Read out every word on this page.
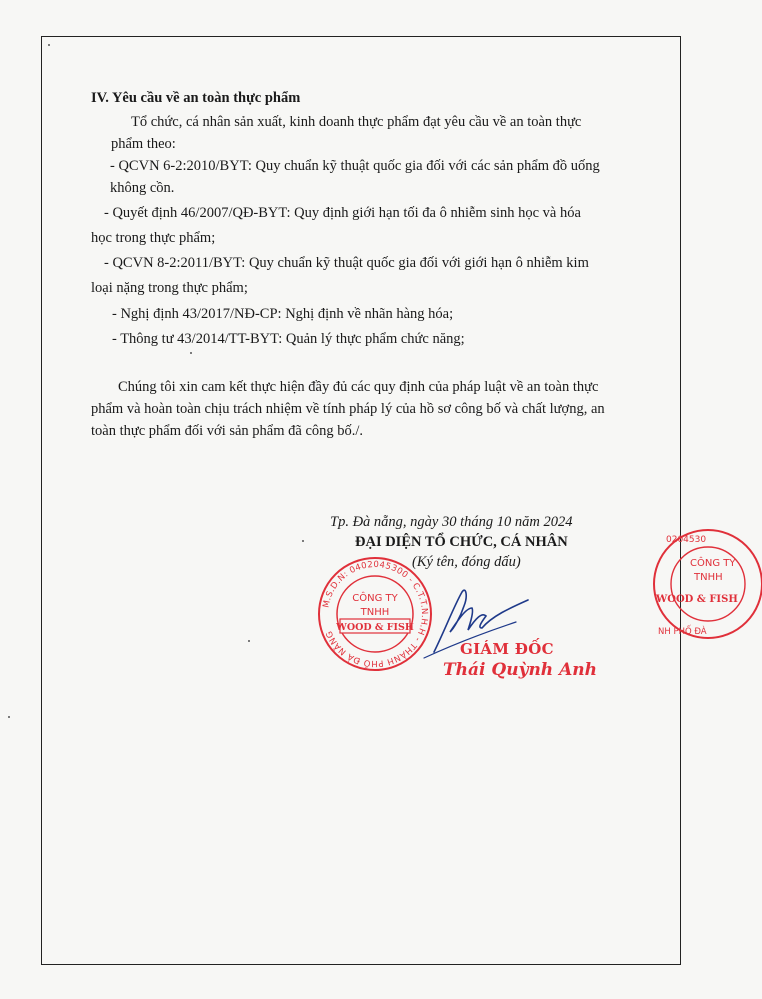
IV. Yêu cầu về an toàn thực phẩm
Tổ chức, cá nhân sản xuất, kinh doanh thực phẩm đạt yêu cầu về an toàn thực
phẩm theo:
- QCVN 6-2:2010/BYT: Quy chuẩn kỹ thuật quốc gia đối với các sản phẩm đồ uống
không cồn.
- Quyết định 46/2007/QĐ-BYT: Quy định giới hạn tối đa ô nhiễm sinh học và hóa
học trong thực phẩm;
- QCVN 8-2:2011/BYT: Quy chuẩn kỹ thuật quốc gia đối với giới hạn ô nhiễm kim
loại nặng trong thực phẩm;
- Nghị định 43/2017/NĐ-CP: Nghị định về nhãn hàng hóa;
- Thông tư 43/2014/TT-BYT: Quản lý thực phẩm chức năng;
Chúng tôi xin cam kết thực hiện đầy đủ các quy định của pháp luật về an toàn thực
phẩm và hoàn toàn chịu trách nhiệm về tính pháp lý của hồ sơ công bố và chất lượng, an
toàn thực phẩm đối với sản phẩm đã công bố./.
Tp. Đà nẵng, ngày 30 tháng 10 năm 2024
ĐẠI DIỆN TỔ CHỨC, CÁ NHÂN
(Ký tên, đóng dấu)
M.S.D.N: 0402045300 - C.T.T.N.H.H - THÀNH PHỐ ĐÀ NẴNG
CÔNG TY
TNHH
WOOD & FISH
GIÁM ĐỐC
Thái Quỳnh Anh
0204530
CÔNG TY
TNHH
WOOD & FISH
NH PHỐ ĐÀ
